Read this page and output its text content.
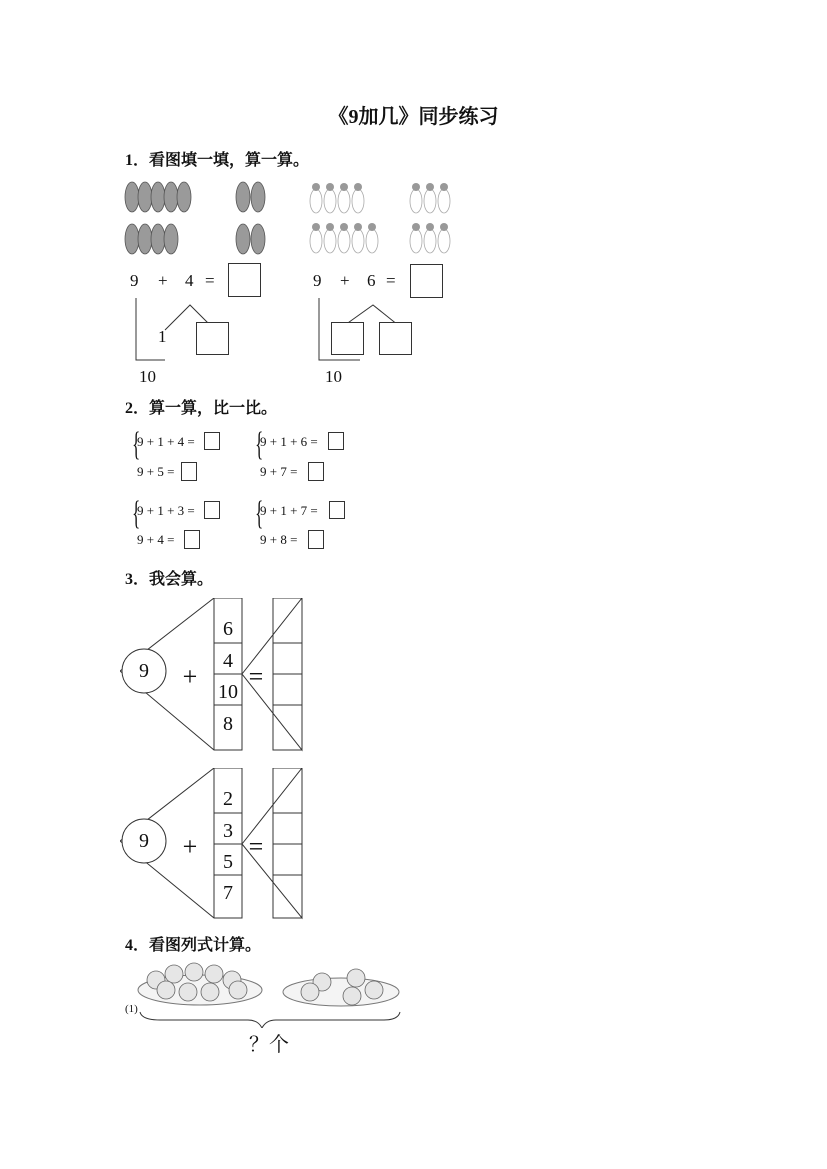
《9加几》同步练习
1．看图填一填，算一算。
9 + 4 =
1
10
9 + 6 =
10
2．算一算，比一比。
{
9 + 1 + 4 =
9 + 5 =
{
9 + 1 + 6 =
9 + 7 =
{
9 + 1 + 3 =
9 + 4 =
{
9 + 1 + 7 =
9 + 8 =
3．我会算。
9	+ =
6
4
10
8
9	+ =
2
3
5
7
4．看图列式计算。
(1)
？个
